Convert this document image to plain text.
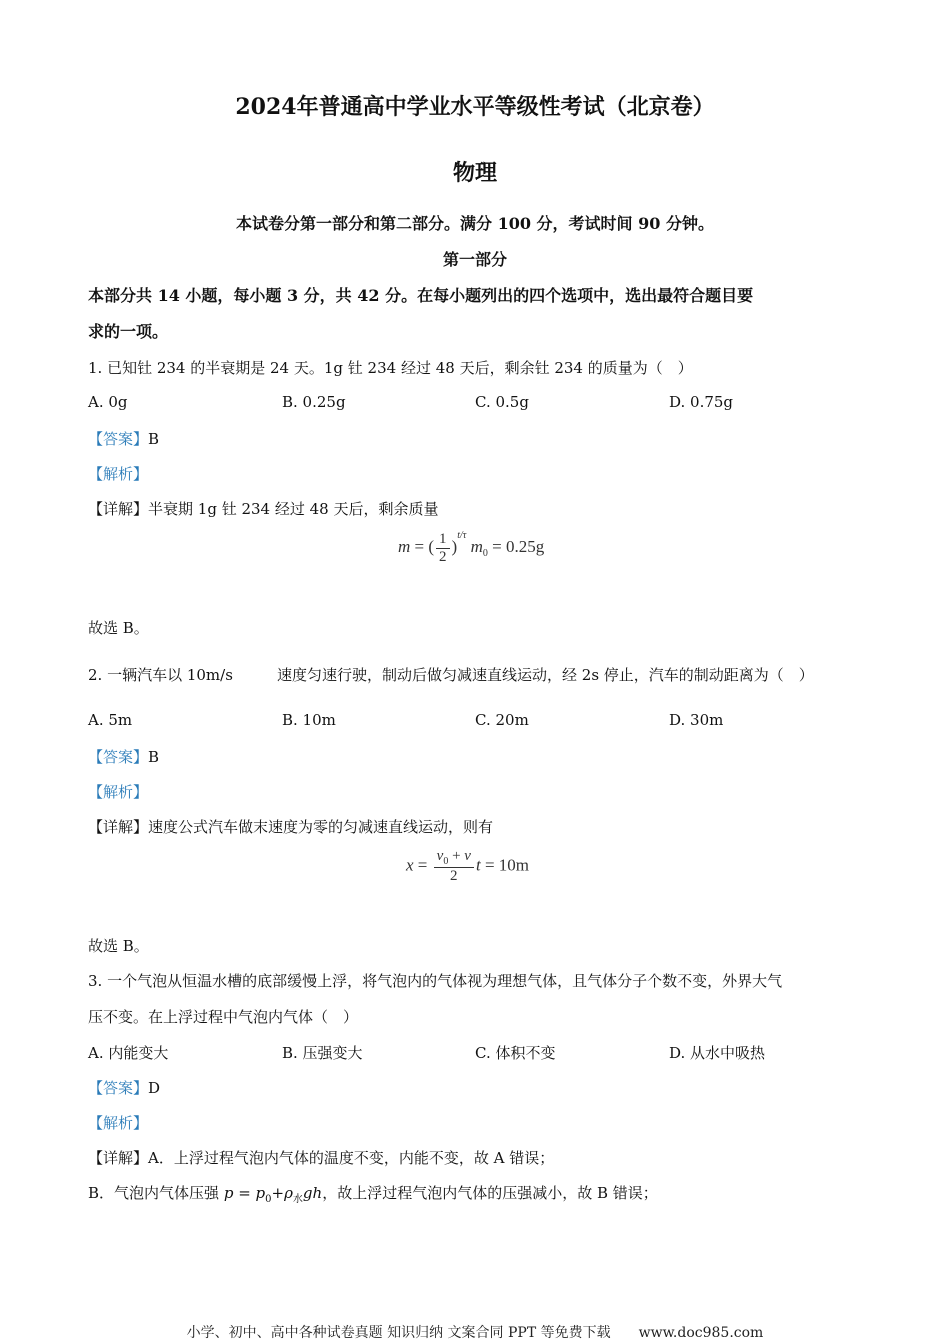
2024年普通高中学业水平等级性考试（北京卷）
物理
本试卷分第一部分和第二部分。满分 100 分，考试时间 90 分钟。
第一部分
本部分共 14 小题，每小题 3 分，共 42 分。在每小题列出的四个选项中，选出最符合题目要
求的一项。
1. 已知钍 234 的半衰期是 24 天。1g 钍 234 经过 48 天后，剩余钍 234 的质量为（　）
A. 0g	B. 0.25g	C. 0.5g	D. 0.75g
【答案】B
【解析】
【详解】半衰期 1g 钍 234 经过 48 天后，剩余质量
m = ( $\frac{1}{2} )^{t/\tau}$ $m_0 = 0.25g$
故选 B。
2. 一辆汽车以 10m/s	速度匀速行驶，制动后做匀减速直线运动，经 2s 停止，汽车的制动距离为（　）
A. 5m	B. 10m	C. 20m	D. 30m
【答案】B
【解析】
【详解】速度公式汽车做末速度为零的匀减速直线运动，则有
$x = \frac{v_0 + v}{2}$ t = 10m
故选 B。
3. 一个气泡从恒温水槽的底部缓慢上浮，将气泡内的气体视为理想气体，且气体分子个数不变，外界大气
压不变。在上浮过程中气泡内气体（　）
A. 内能变大	B. 压强变大	C. 体积不变	D. 从水中吸热
【答案】D
【解析】
【详解】A．上浮过程气泡内气体的温度不变，内能不变，故 A 错误；
B．气泡内气体压强 $p = p_0+\rho_水gh$，故上浮过程气泡内气体的压强减小，故 B 错误；
小学、初中、高中各种试卷真题 知识归纳 文案合同 PPT 等免费下载　　www.doc985.com
